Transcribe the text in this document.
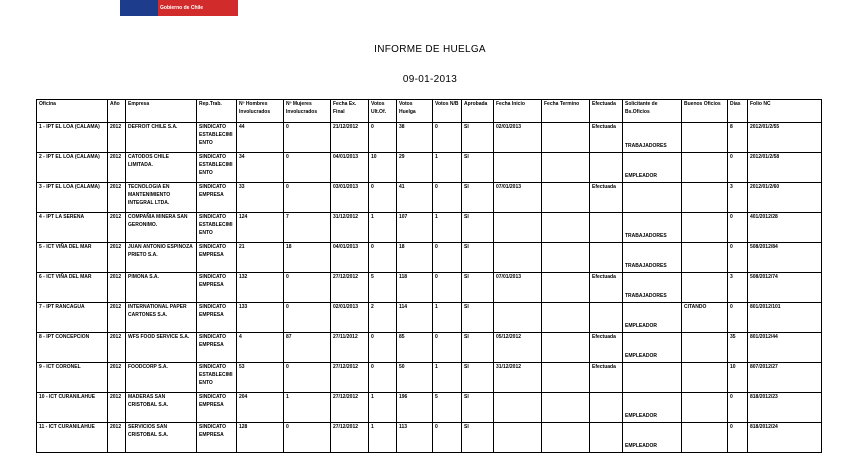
Gobierno de Chile
INFORME DE HUELGA
09-01-2013
Oficina	Año	Empresa	Rep.Trab.	Nº Hombres Involucrados	Nº Mujeres Involucrados	Fecha Ex. Final	Votos Ult.Of.	Votos Huelga	Votos N/B	Aprobada	Fecha Inicio	Fecha Termino	Efectuada	Solicitante de Bs.Oficios	Buenos Oficios	Días	Folio NC
1 - IPT EL LOA (CALAMA)	2012	DEFROIT CHILE S.A.	SINDICATO ESTABLECIMIENTO	44	0	21/12/2012	0	38	0	SI	02/01/2013		Efectuada	TRABAJADORES		8	2012/01/2/55
2 - IPT EL LOA (CALAMA)	2012	CATODOS CHILE LIMITADA.	SINDICATO ESTABLECIMIENTO	34	0	04/01/2013	10	29	1	SI				EMPLEADOR		0	2012/01/2/58
3 - IPT EL LOA (CALAMA)	2012	TECNOLOGIA EN MANTENIMIENTO INTEGRAL LTDA.	SINDICATO EMPRESA	33	0	03/01/2013	0	41	0	SI	07/01/2013		Efectuada			3	2012/01/2/60
4 - IPT LA SERENA	2012	COMPAÑIA MINERA SAN GERONIMO.	SINDICATO ESTABLECIMIENTO	124	7	31/12/2012	1	107	1	SI				TRABAJADORES		0	401/2012/28
5 - ICT VIÑA DEL MAR	2012	JUAN ANTONIO ESPINOZA PRIETO S.A.	SINDICATO EMPRESA	21	18	04/01/2013	0	18	0	SI				TRABAJADORES		0	508/2012/84
6 - ICT VIÑA DEL MAR	2012	PIMONA S.A.	SINDICATO EMPRESA	132	0	27/12/2012	5	118	0	SI	07/01/2013		Efectuada	TRABAJADORES		3	508/2012/74
7 - IPT RANCAGUA	2012	INTERNATIONAL PAPER CARTONES S.A.	SINDICATO EMPRESA	133	0	02/01/2013	2	114	1	SI				EMPLEADOR	CITANDO	0	801/2012/101
8 - IPT CONCEPCION	2012	WFS FOOD SERVICE S.A.	SINDICATO EMPRESA	4	87	27/11/2012	0	85	0	SI	05/12/2012		Efectuada	EMPLEADOR		35	801/2012/44
9 - ICT CORONEL	2012	FOODCORP S.A.	SINDICATO ESTABLECIMIENTO	53	0	27/12/2012	0	50	1	SI	31/12/2012		Efectuada			10	807/2012/27
10 - ICT CURANILAHUE	2012	MADERAS SAN CRISTOBAL S.A.	SINDICATO EMPRESA	204	1	27/12/2012	1	196	5	SI				EMPLEADOR		0	818/2012/23
11 - ICT CURANILAHUE	2012	SERVICIOS SAN CRISTOBAL S.A.	SINDICATO EMPRESA	128	0	27/12/2012	1	113	0	SI				EMPLEADOR		0	818/2012/24
